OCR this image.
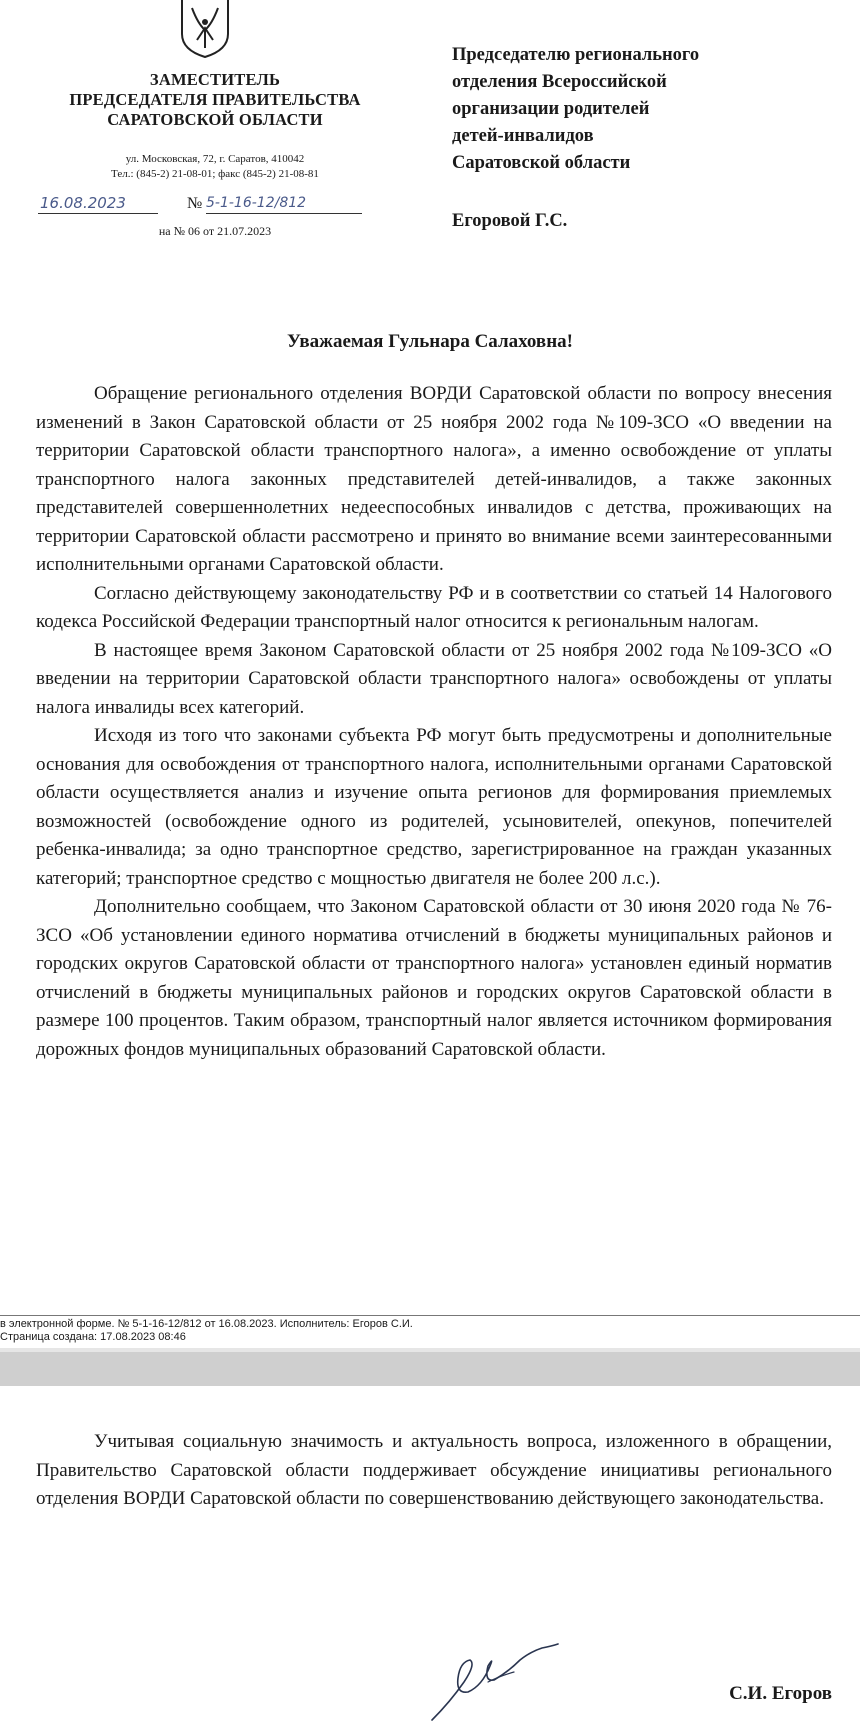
ЗАМЕСТИТЕЛЬ
ПРЕДСЕДАТЕЛЯ ПРАВИТЕЛЬСТВА
САРАТОВСКОЙ ОБЛАСТИ
ул. Московская, 72, г. Саратов, 410042
Тел.: (845-2) 21-08-01; факс (845-2) 21-08-81
16.08.2023	№ 5-1-16-12/812
на № 06 от 21.07.2023
Председателю регионального
отделения Всероссийской
организации родителей
детей-инвалидов
Саратовской области
Егоровой Г.С.
Уважаемая Гульнара Салаховна!

Обращение регионального отделения ВОРДИ Саратовской области по вопросу внесения изменений в Закон Саратовской области от 25 ноября 2002 года №109-ЗСО «О введении на территории Саратовской области транспортного налога», а именно освобождение от уплаты транспортного налога законных представителей детей-инвалидов, а также законных представителей совершеннолетних недееспособных инвалидов с детства, проживающих на территории Саратовской области рассмотрено и принято во внимание всеми заинтересованными исполнительными органами Саратовской области.

Согласно действующему законодательству РФ и в соответствии со статьей 14 Налогового кодекса Российской Федерации транспортный налог относится к региональным налогам.

В настоящее время Законом Саратовской области от 25 ноября 2002 года №109-ЗСО «О введении на территории Саратовской области транспортного налога» освобождены от уплаты налога инвалиды всех категорий.

Исходя из того что законами субъекта РФ могут быть предусмотрены и дополнительные основания для освобождения от транспортного налога, исполнительными органами Саратовской области осуществляется анализ и изучение опыта регионов для формирования приемлемых возможностей (освобождение одного из родителей, усыновителей, опекунов, попечителей ребенка-инвалида; за одно транспортное средство, зарегистрированное на граждан указанных категорий; транспортное средство с мощностью двигателя не более 200 л.с.).

Дополнительно сообщаем, что Законом Саратовской области от 30 июня 2020 года № 76-ЗСО «Об установлении единого норматива отчислений в бюджеты муниципальных районов и городских округов Саратовской области от транспортного налога» установлен единый норматив отчислений в бюджеты муниципальных районов и городских округов Саратовской области в размере 100 процентов. Таким образом, транспортный налог является источником формирования дорожных фондов муниципальных образований Саратовской области.

в электронной форме. № 5-1-16-12/812 от 16.08.2023. Исполнитель: Егоров С.И.
Страница создана: 17.08.2023 08:46

Учитывая социальную значимость и актуальность вопроса, изложенного в обращении, Правительство Саратовской области поддерживает обсуждение инициативы регионального отделения ВОРДИ Саратовской области по совершенствованию действующего законодательства.

С.И. Егоров
